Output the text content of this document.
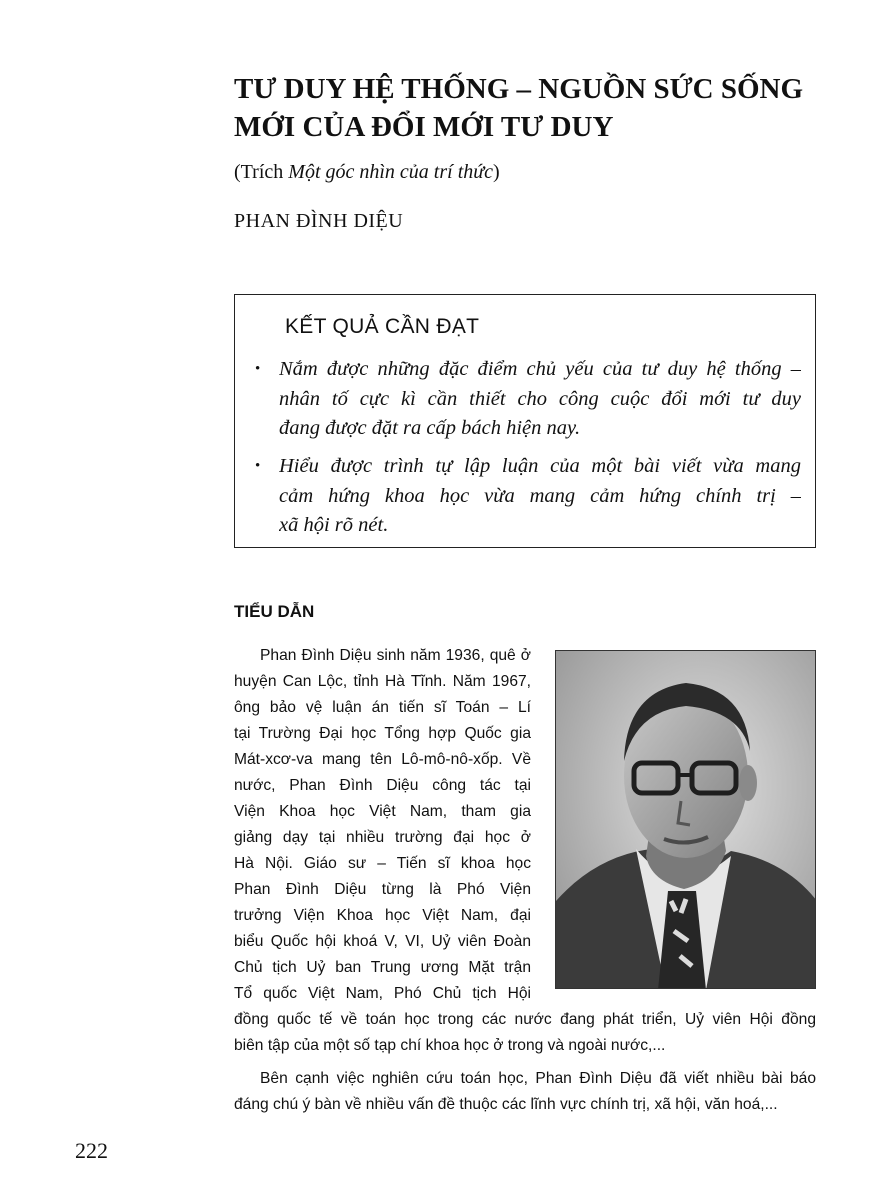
TƯ DUY HỆ THỐNG – NGUỒN SỨC SỐNG
MỚI CỦA ĐỔI MỚI TƯ DUY
(Trích Một góc nhìn của trí thức)
PHAN ĐÌNH DIỆU
KẾT QUẢ CẦN ĐẠT
• Nắm được những đặc điểm chủ yếu của tư duy hệ thống –
nhân tố cực kì cần thiết cho công cuộc đổi mới tư duy
đang được đặt ra cấp bách hiện nay.
• Hiểu được trình tự lập luận của một bài viết vừa mang
cảm hứng khoa học vừa mang cảm hứng chính trị –
xã hội rõ nét.
TIỂU DẪN
Phan Đình Diệu sinh năm 1936, quê ở
huyện Can Lộc, tỉnh Hà Tĩnh. Năm 1967,
ông bảo vệ luận án tiến sĩ Toán – Lí
tại Trường Đại học Tổng hợp Quốc gia
Mát-xcơ-va mang tên Lô-mô-nô-xốp. Về
nước, Phan Đình Diệu công tác tại
Viện Khoa học Việt Nam, tham gia
giảng dạy tại nhiều trường đại học ở
Hà Nội. Giáo sư – Tiến sĩ khoa học
Phan Đình Diệu từng là Phó Viện
trưởng Viện Khoa học Việt Nam, đại
biểu Quốc hội khoá V, VI, Uỷ viên Đoàn
Chủ tịch Uỷ ban Trung ương Mặt trận
Tổ quốc Việt Nam, Phó Chủ tịch Hội
đồng quốc tế về toán học trong các nước đang phát triển, Uỷ viên Hội đồng
biên tập của một số tạp chí khoa học ở trong và ngoài nước,...
Bên cạnh việc nghiên cứu toán học, Phan Đình Diệu đã viết nhiều bài báo
đáng chú ý bàn về nhiều vấn đề thuộc các lĩnh vực chính trị, xã hội, văn hoá,...
222
